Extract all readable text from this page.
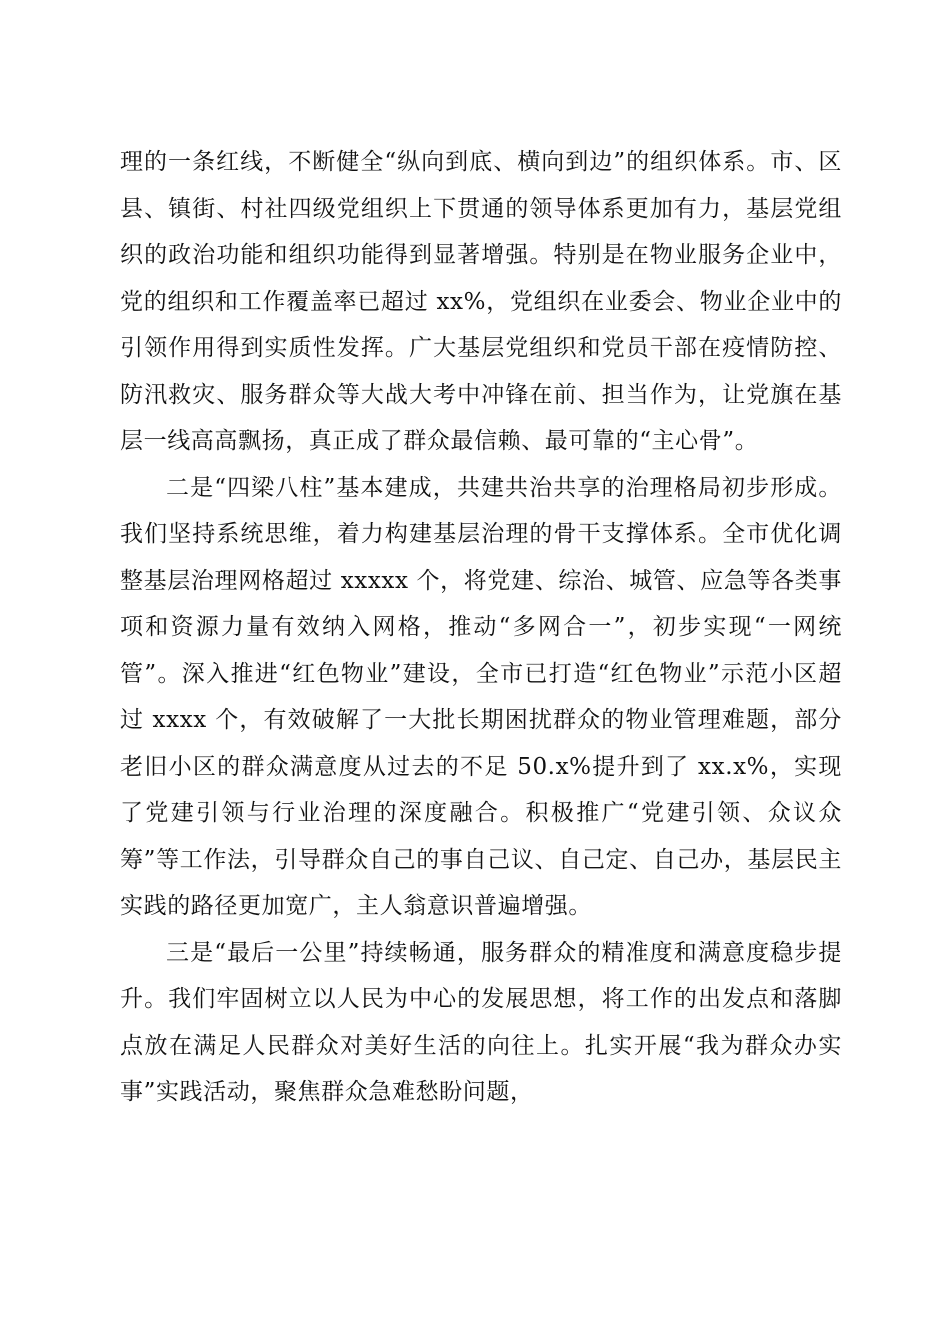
理的一条红线，不断健全“纵向到底、横向到边”的组织体系。市、区县、镇街、村社四级党组织上下贯通的领导体系更加有力，基层党组织的政治功能和组织功能得到显著增强。特别是在物业服务企业中，党的组织和工作覆盖率已超过 xx%，党组织在业委会、物业企业中的引领作用得到实质性发挥。广大基层党组织和党员干部在疫情防控、防汛救灾、服务群众等大战大考中冲锋在前、担当作为，让党旗在基层一线高高飘扬，真正成了群众最信赖、最可靠的“主心骨”。

二是“四梁八柱”基本建成，共建共治共享的治理格局初步形成。我们坚持系统思维，着力构建基层治理的骨干支撑体系。全市优化调整基层治理网格超过 xxxxx 个，将党建、综治、城管、应急等各类事项和资源力量有效纳入网格，推动“多网合一”，初步实现“一网统管”。深入推进“红色物业”建设，全市已打造“红色物业”示范小区超过 xxxx 个，有效破解了一大批长期困扰群众的物业管理难题，部分老旧小区的群众满意度从过去的不足 50.x%提升到了 xx.x%，实现了党建引领与行业治理的深度融合。积极推广“党建引领、众议众筹”等工作法，引导群众自己的事自己议、自己定、自己办，基层民主实践的路径更加宽广，主人翁意识普遍增强。

三是“最后一公里”持续畅通，服务群众的精准度和满意度稳步提升。我们牢固树立以人民为中心的发展思想，将工作的出发点和落脚点放在满足人民群众对美好生活的向往上。扎实开展“我为群众办实事”实践活动，聚焦群众急难愁盼问题，
